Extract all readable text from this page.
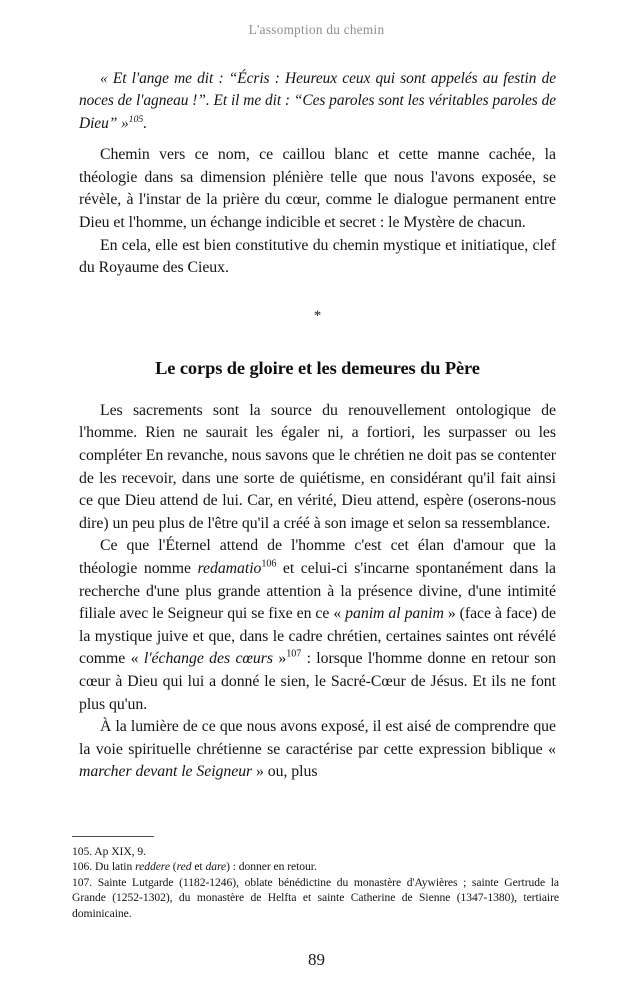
L'assomption du chemin
« Et l'ange me dit : “Écris : Heureux ceux qui sont appelés au festin de noces de l'agneau !”. Et il me dit : “Ces paroles sont les véritables paroles de Dieu” »$^{105}$.

Chemin vers ce nom, ce caillou blanc et cette manne cachée, la théologie dans sa dimension plénière telle que nous l'avons exposée, se révèle, à l'instar de la prière du cœur, comme le dialogue permanent entre Dieu et l'homme, un échange indicible et secret : le Mystère de chacun.

En cela, elle est bien constitutive du chemin mystique et initiatique, clef du Royaume des Cieux.

*
Le corps de gloire et les demeures du Père

Les sacrements sont la source du renouvellement ontologique de l'homme. Rien ne saurait les égaler ni, a fortiori, les surpasser ou les compléter En revanche, nous savons que le chrétien ne doit pas se contenter de les recevoir, dans une sorte de quiétisme, en considérant qu'il fait ainsi ce que Dieu attend de lui. Car, en vérité, Dieu attend, espère (oserons-nous dire) un peu plus de l'être qu'il a créé à son image et selon sa ressemblance.

Ce que l'Éternel attend de l'homme c'est cet élan d'amour que la théologie nomme redamatio$^{106}$ et celui-ci s'incarne spontanément dans la recherche d'une plus grande attention à la présence divine, d'une intimité filiale avec le Seigneur qui se fixe en ce « panim al panim » (face à face) de la mystique juive et que, dans le cadre chrétien, certaines saintes ont révélé comme « l'échange des cœurs »$^{107}$ : lorsque l'homme donne en retour son cœur à Dieu qui lui a donné le sien, le Sacré-Cœur de Jésus. Et ils ne font plus qu'un.

À la lumière de ce que nous avons exposé, il est aisé de comprendre que la voie spirituelle chrétienne se caractérise par cette expression biblique « marcher devant le Seigneur » ou, plus

105. Ap XIX, 9.

106. Du latin reddere (red et dare) : donner en retour.

107. Sainte Lutgarde (1182-1246), oblate bénédictine du monastère d'Aywières ; sainte Gertrude la Grande (1252-1302), du monastère de Helfta et sainte Catherine de Sienne (1347-1380), tertiaire dominicaine.

89
